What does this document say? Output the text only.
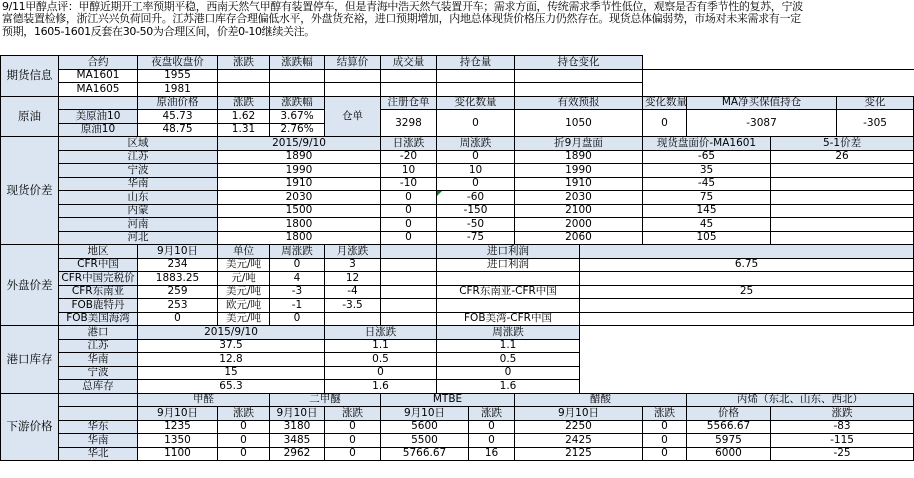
9/11甲醇点评：甲醇近期开工率预期平稳，西南天然气甲醇有装置停车，但是青海中浩天然气装置开车；需求方面，传统需求季节性低位，观察是否有季节性的复苏，宁波富德装置检修，浙江兴兴负荷回升。江苏港口库存合理偏低水平，外盘货充裕，进口预期增加，内地总体现货价格压力仍然存在。现货总体偏弱势，市场对未来需求有一定预期，1605-1601反套在30-50为合理区间，价差0-10继续关注。
期货信息	合约	夜盘收盘价	涨跌	涨跌幅	结算价	成交量	持仓量		持仓变化					
	MA1601	1955												
	MA1605	1981												
原油		原油价格	涨跌	涨跌幅	仓单	注册仓单	变化数量		有效预报		变化数量	MA净买保值持仓		变化
	美原油10	45.73	1.62	3.67%		3298	0		1050		0	-3087		-305
	原油10	48.75	1.31	2.76%										
现货价差	区域		2015/9/10			日涨跌	周涨跌		折9月盘面		现货盘面价-MA1601		5-1价差	
	江苏		1890			-20	0		1890		-65		26	
	宁波		1990			10	10		1990		35			
	华南		1910			-10	0		1910		-45			
	山东		2030			0	-60		2030		75			
	内蒙		1500			0	-150		2100		145			
	河南		1800			0	-50		2000		45			
	河北		1800			0	-75		2060		105			
外盘价差	地区	9月10日	单位	周涨跌	月涨跌		进口利润							
	CFR中国	234	美元/吨	0	3		进口利润			6.75				
	CFR中国完税价	1883.25	元/吨	4	12									
	CFR东南亚	259	美元/吨	-3	-4		CFR东南亚-CFR中国			25				
	FOB鹿特丹	253	欧元/吨	-1	-3.5									
	FOB美国海湾	0	美元/吨	0			FOB美湾-CFR中国							
港口库存	港口	2015/9/10			日涨跌		周涨跌							
	江苏	37.5			1.1		1.1							
	华南	12.8			0.5		0.5							
	宁波	15			0		0							
	总库存	65.3			1.6		1.6							
下游价格		甲醛		二甲醚		MTBE			醋酸			丙烯（东北、山东、西北）		
		9月10日	涨跌	9月10日	涨跌	9月10日		涨跌	9月10日		涨跌	价格	涨跌	
	华东	1235	0	3180	0	5600		0	2250		0	5566.67	-83	
	华南	1350	0	3485	0	5500		0	2425		0	5975	-115	
	华北	1100	0	2962	0	5766.67		16	2125		0	6000	-25	
